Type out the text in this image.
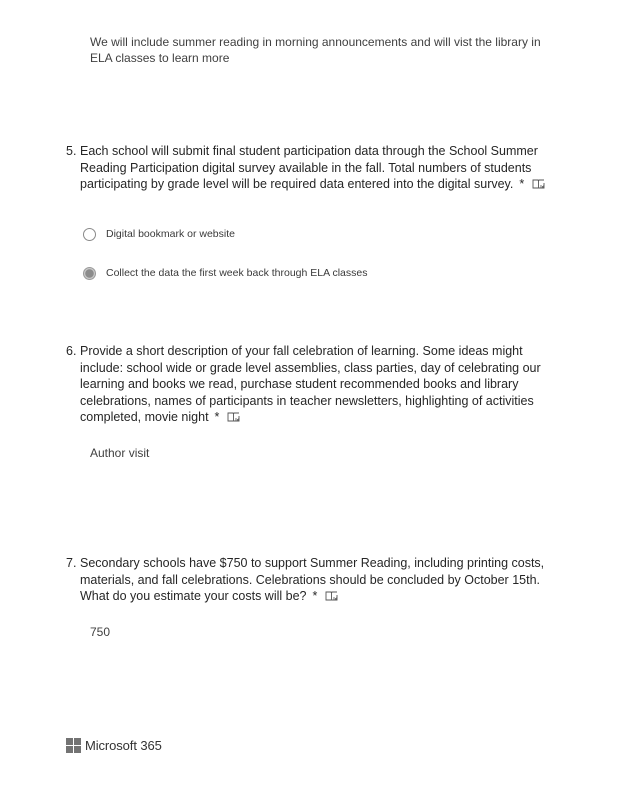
We will include summer reading in morning announcements and will vist the library in ELA classes to learn more
5. Each school will submit final student participation data through the School Summer Reading Participation digital survey available in the fall. Total numbers of students participating by grade level will be required data entered into the digital survey. *
Digital bookmark or website
Collect the data the first week back through ELA classes
6. Provide a short description of your fall celebration of learning. Some ideas might include: school wide or grade level assemblies, class parties, day of celebrating our learning and books we read, purchase student recommended books and library celebrations, names of participants in teacher newsletters, highlighting of activities completed, movie night *
Author visit
7. Secondary schools have $750 to support Summer Reading, including printing costs, materials, and fall celebrations. Celebrations should be concluded by October 15th. What do you estimate your costs will be? *
750
Microsoft 365
